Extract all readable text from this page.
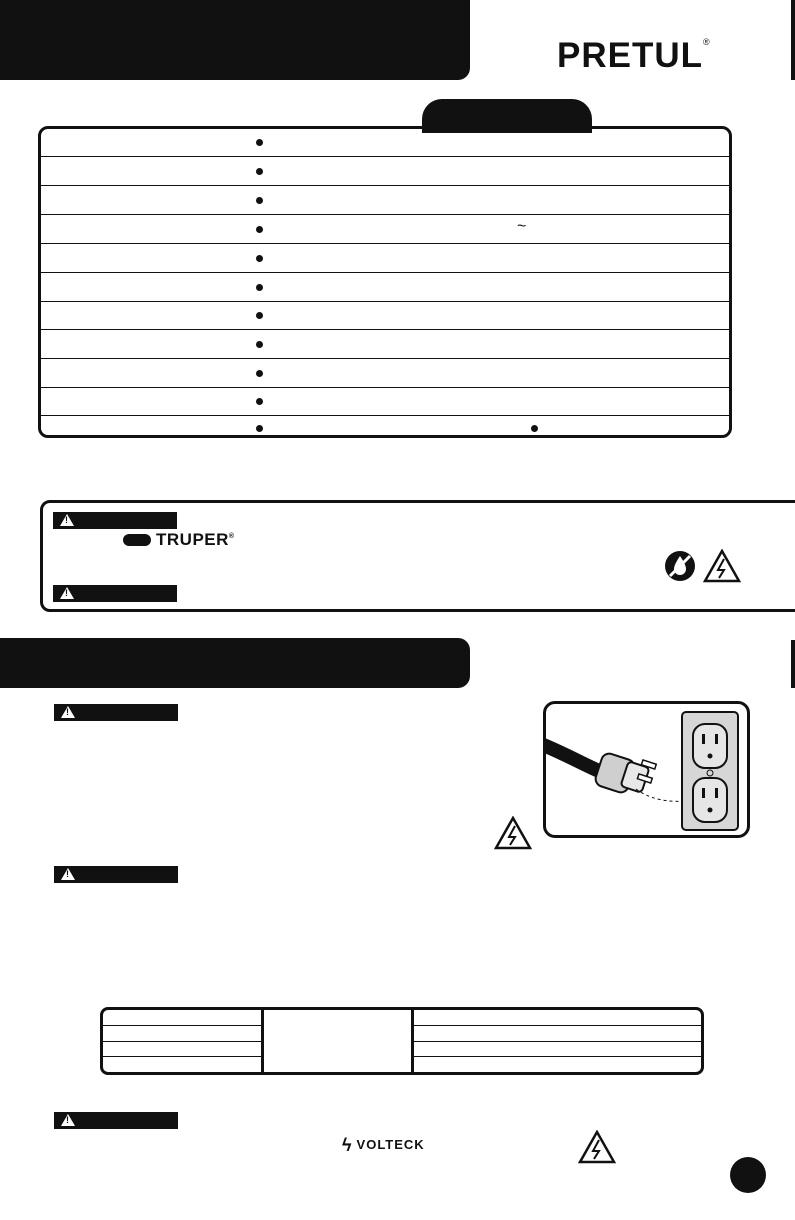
PRETUL®
~
!
!
TRUPER®
!
!
!
ϟ VOLTECK
